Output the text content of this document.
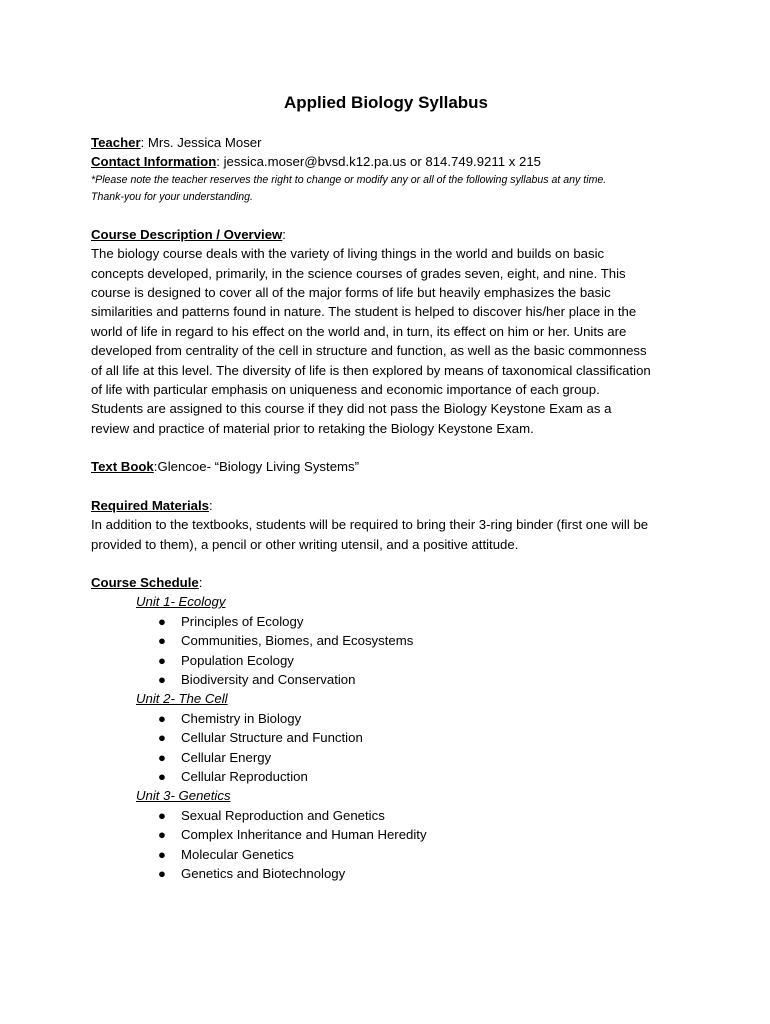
Applied Biology Syllabus
Teacher: Mrs. Jessica Moser
Contact Information: jessica.moser@bvsd.k12.pa.us or 814.749.9211 x 215
*Please note the teacher reserves the right to change or modify any or all of the following syllabus at any time.
Thank-you for your understanding.
Course Description / Overview:
The biology course deals with the variety of living things in the world and builds on basic
concepts developed, primarily, in the science courses of grades seven, eight, and nine. This
course is designed to cover all of the major forms of life but heavily emphasizes the basic
similarities and patterns found in nature. The student is helped to discover his/her place in the
world of life in regard to his effect on the world and, in turn, its effect on him or her. Units are
developed from centrality of the cell in structure and function, as well as the basic commonness
of all life at this level. The diversity of life is then explored by means of taxonomical classification
of life with particular emphasis on uniqueness and economic importance of each group.
Students are assigned to this course if they did not pass the Biology Keystone Exam as a
review and practice of material prior to retaking the Biology Keystone Exam.
Text Book:Glencoe- “Biology Living Systems”
Required Materials:
In addition to the textbooks, students will be required to bring their 3-ring binder (first one will be
provided to them), a pencil or other writing utensil, and a positive attitude.
Course Schedule:
Unit 1- Ecology
● Principles of Ecology
● Communities, Biomes, and Ecosystems
● Population Ecology
● Biodiversity and Conservation
Unit 2- The Cell
● Chemistry in Biology
● Cellular Structure and Function
● Cellular Energy
● Cellular Reproduction
Unit 3- Genetics
● Sexual Reproduction and Genetics
● Complex Inheritance and Human Heredity
● Molecular Genetics
● Genetics and Biotechnology
